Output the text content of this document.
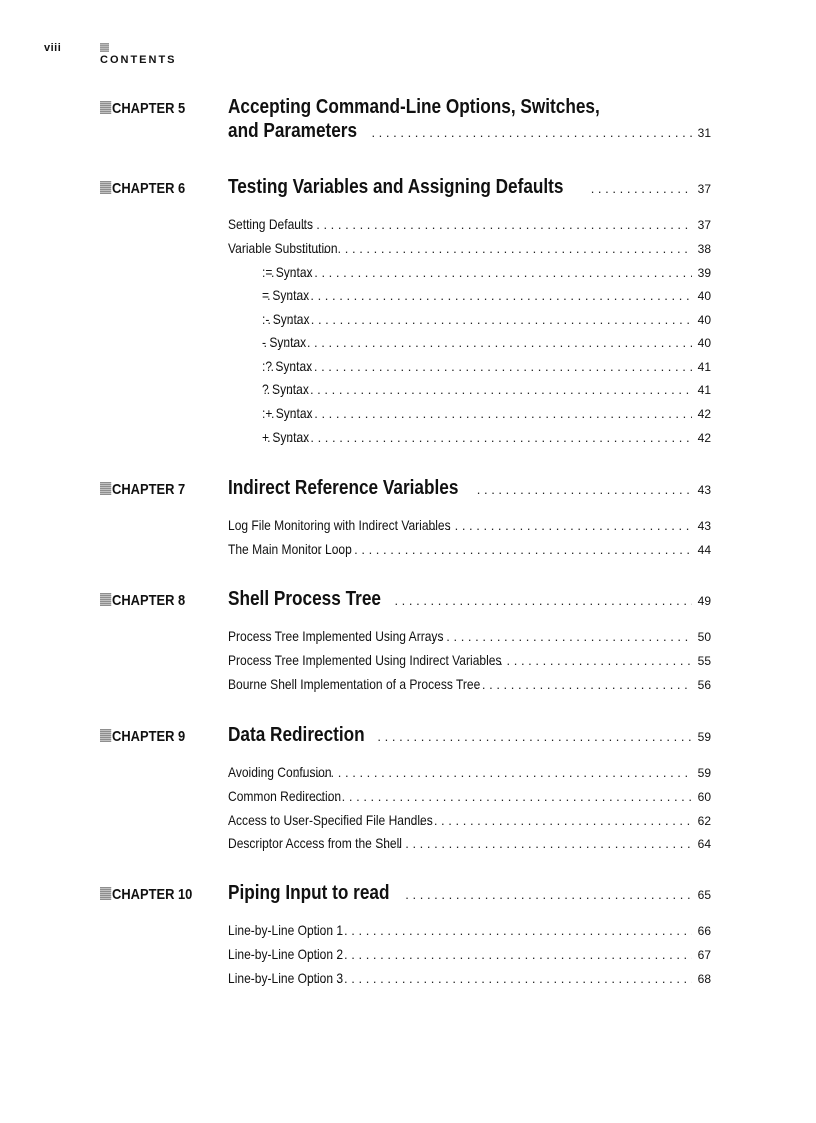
viii
CONTENTS
CHAPTER 5 Accepting Command-Line Options, Switches,
and Parameters . . .	31
CHAPTER 6 Testing Variables and Assigning Defaults . . .	37
Setting Defaults . . .	37
Variable Substitution . . .	38
:= Syntax . . .	39
= Syntax . . .	40
:- Syntax . . .	40
- Syntax . . .	40
:? Syntax . . .	41
? Syntax . . .	41
:+ Syntax . . .	42
+ Syntax . . .	42
CHAPTER 7 Indirect Reference Variables . . .	43
Log File Monitoring with Indirect Variables . . .	43
The Main Monitor Loop . . .	44
CHAPTER 8 Shell Process Tree . . .	49
Process Tree Implemented Using Arrays . . .	50
Process Tree Implemented Using Indirect Variables . . .	55
Bourne Shell Implementation of a Process Tree . . .	56
CHAPTER 9 Data Redirection . . .	59
Avoiding Confusion . . .	59
Common Redirection . . .	60
Access to User-Specified File Handles . . .	62
Descriptor Access from the Shell . . .	64
CHAPTER 10 Piping Input to read . . .	65
Line-by-Line Option 1 . . .	66
Line-by-Line Option 2 . . .	67
Line-by-Line Option 3 . . .	68
